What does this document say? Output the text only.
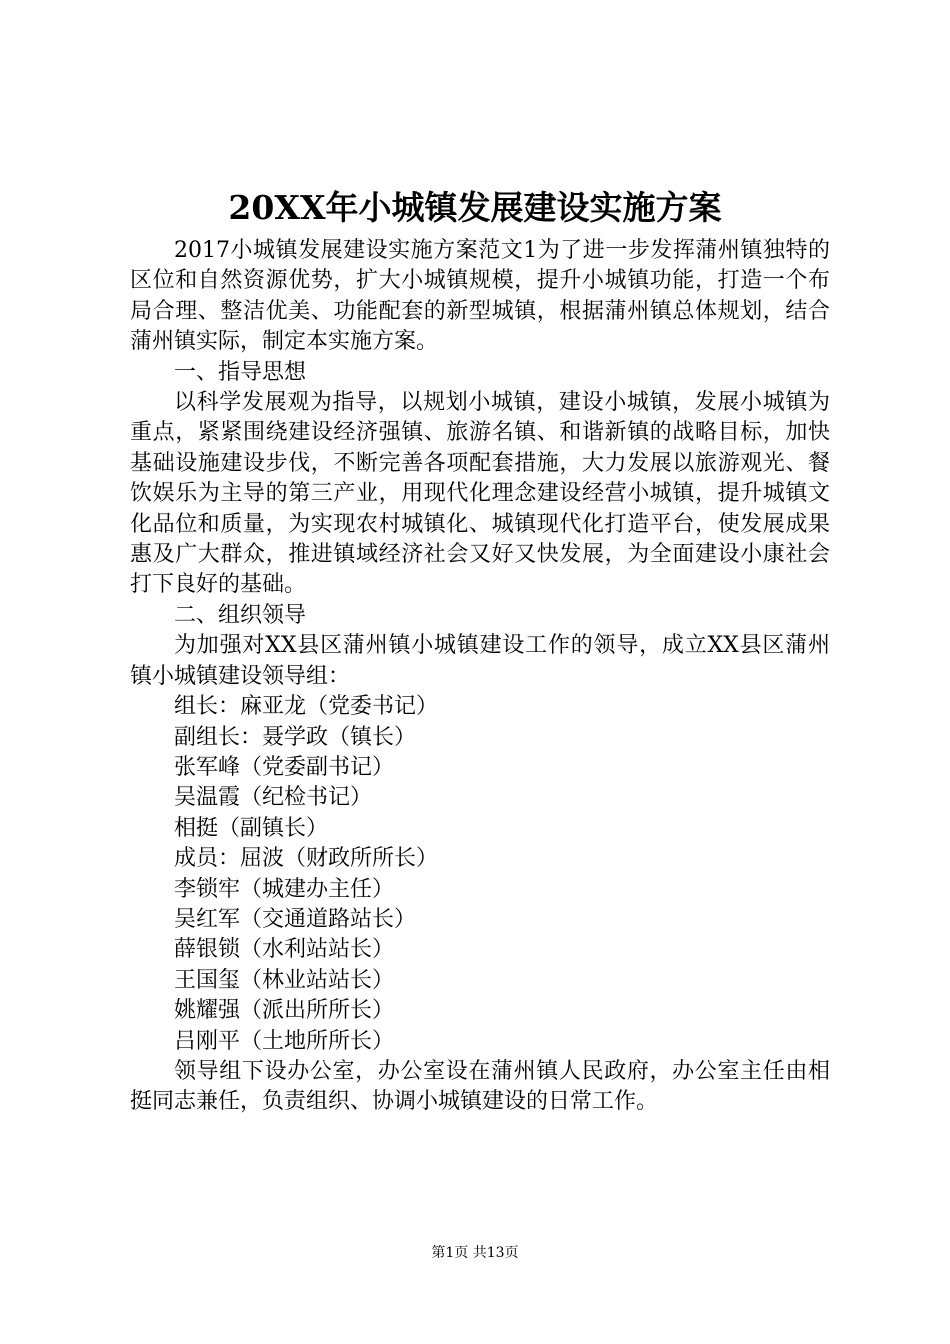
20XX年小城镇发展建设实施方案

2017小城镇发展建设实施方案范文1为了进一步发挥蒲州镇独特的区位和自然资源优势，扩大小城镇规模，提升小城镇功能，打造一个布局合理、整洁优美、功能配套的新型城镇，根据蒲州镇总体规划，结合蒲州镇实际，制定本实施方案。

一、指导思想

以科学发展观为指导，以规划小城镇，建设小城镇，发展小城镇为重点，紧紧围绕建设经济强镇、旅游名镇、和谐新镇的战略目标，加快基础设施建设步伐，不断完善各项配套措施，大力发展以旅游观光、餐饮娱乐为主导的第三产业，用现代化理念建设经营小城镇，提升城镇文化品位和质量，为实现农村城镇化、城镇现代化打造平台，使发展成果惠及广大群众，推进镇域经济社会又好又快发展，为全面建设小康社会打下良好的基础。

二、组织领导

为加强对XX县区蒲州镇小城镇建设工作的领导，成立XX县区蒲州镇小城镇建设领导组：

组长：麻亚龙（党委书记）

副组长：聂学政（镇长）

张军峰（党委副书记）

吴温霞（纪检书记）

相挺（副镇长）

成员：屈波（财政所所长）

李锁牢（城建办主任）

吴红军（交通道路站长）

薛银锁（水利站站长）

王国玺（林业站站长）

姚耀强（派出所所长）

吕刚平（土地所所长）

领导组下设办公室，办公室设在蒲州镇人民政府，办公室主任由相挺同志兼任，负责组织、协调小城镇建设的日常工作。

第1页 共13页
